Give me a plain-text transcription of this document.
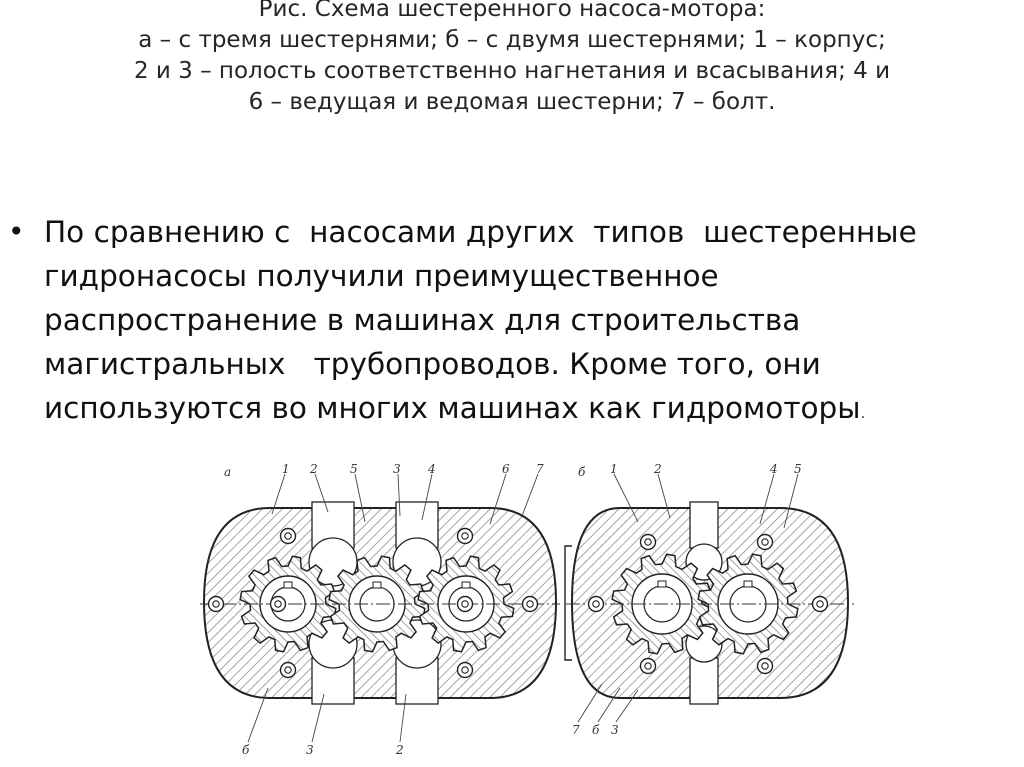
Рис. Схема шестеренного насоса-мотора:
а – с тремя шестернями; б – с двумя шестернями; 1 – корпус;
2 и 3 – полость соответственно нагнетания и всасывания; 4 и
6 – ведущая и ведомая шестерни; 7 – болт.
• По сравнению с  насосами других  типов  шестеренные
гидронасосы получили преимущественное
распространение в машинах для строительства
магистральных   трубопроводов. Кроме того, они
используются во многих машинах как гидромоторы.
а	1 2	5	3 4	6 7
б	3	2
б 1	2	4 5
7 б 3
